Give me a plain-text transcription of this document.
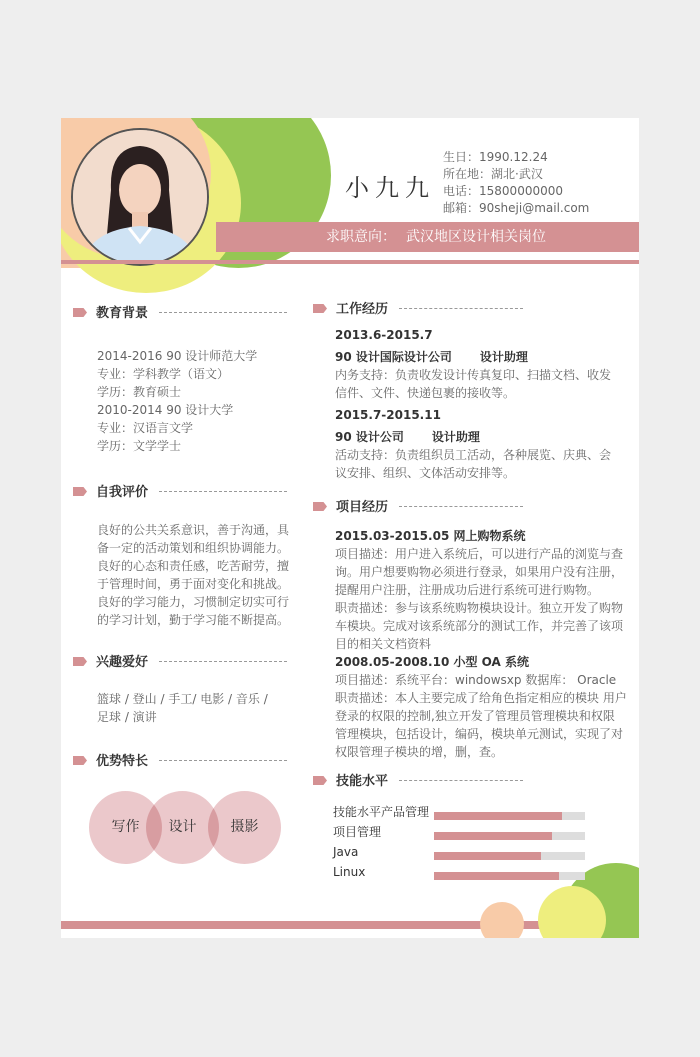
小九九
生日：1990.12.24
所在地：湖北·武汉
电话：15800000000
邮箱：90sheji@mail.com
求职意向： 武汉地区设计相关岗位
教育背景
2014-2016 90 设计师范大学
专业：学科教学（语文）
学历：教育硕士
2010-2014 90 设计大学
专业：汉语言文学
学历：文学学士
自我评价
良好的公共关系意识，善于沟通，具
备一定的活动策划和组织协调能力。
良好的心态和责任感，吃苦耐劳，擅
于管理时间，勇于面对变化和挑战。
良好的学习能力，习惯制定切实可行
的学习计划，勤于学习能不断提高。
兴趣爱好
篮球 / 登山 / 手工/ 电影 / 音乐 /
足球 / 演讲
优势特长
写作	设计	摄影
工作经历
2013.6-2015.7
90 设计国际设计公司 设计助理
内务支持：负责收发设计传真复印、扫描文档、收发
信件、文件、快递包裹的接收等。
2015.7-2015.11
90 设计公司 设计助理
活动支持：负责组织员工活动，各种展览、庆典、会
议安排、组织、文体活动安排等。
项目经历
2015.03-2015.05 网上购物系统
项目描述：用户进入系统后，可以进行产品的浏览与查
询。用户想要购物必须进行登录，如果用户没有注册，
提醒用户注册，注册成功后进行系统可进行购物。
职责描述：参与该系统购物模块设计。独立开发了购物
车模块。完成对该系统部分的测试工作，并完善了该项
目的相关文档资料
2008.05-2008.10 小型 OA 系统
项目描述：系统平台：windowsxp 数据库： Oracle
职责描述：本人主要完成了给角色指定相应的模块 用户
登录的权限的控制,独立开发了管理员管理模块和权限
管理模块，包括设计，编码，模块单元测试，实现了对
权限管理子模块的增，删，查。
技能水平
技能水平产品管理
项目管理
Java
Linux
